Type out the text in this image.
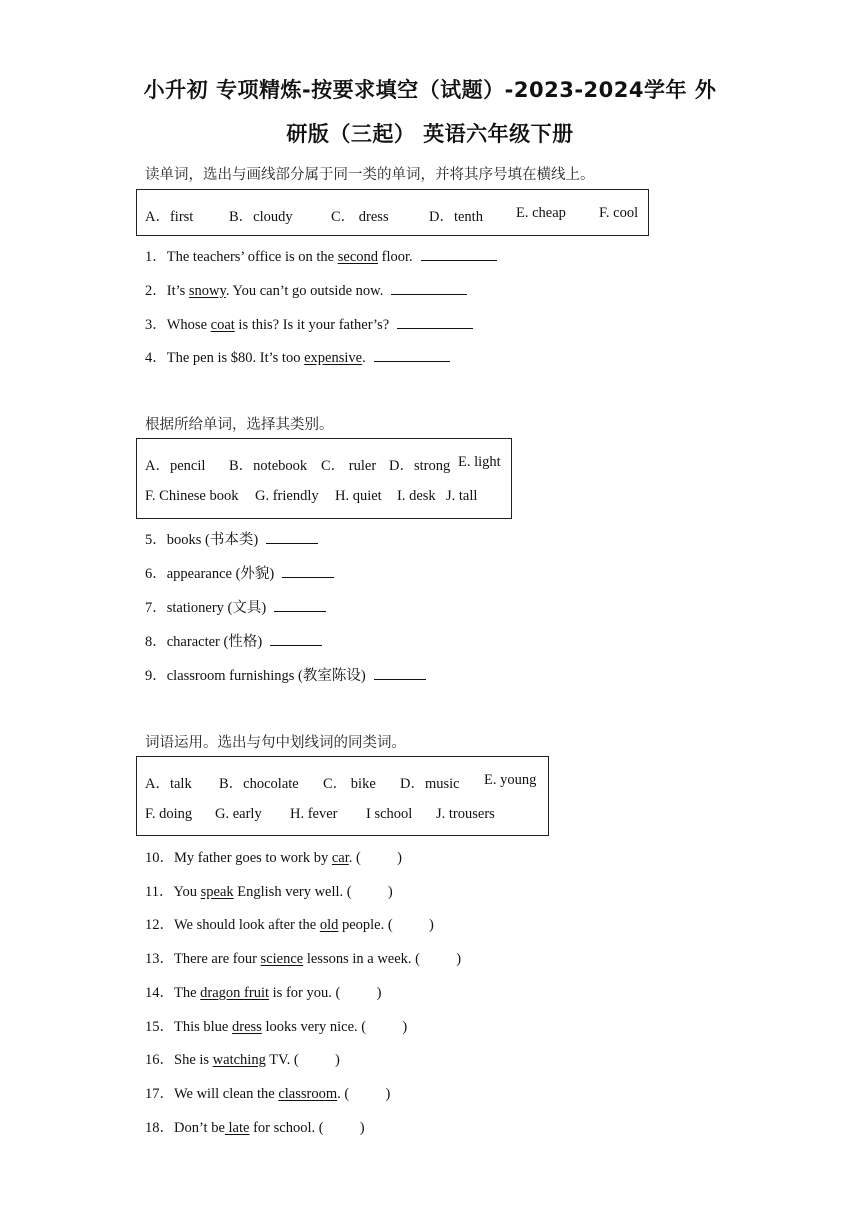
小升初 专项精炼-按要求填空（试题）-2023-2024学年 外
研版（三起） 英语六年级下册
读单词，选出与画线部分属于同一类的单词，并将其序号填在横线上。
A．first B．cloudy	C． dress	D．tenth E. cheap F. cool
1．The teachers’ office is on the second floor.
2．It’s snowy. You can’t go outside now.
3．Whose coat is this? Is it your father’s?
4．The pen is $80. It’s too expensive.
根据所给单词，选择其类别。
A．pencil B．notebook C． ruler D．strong E. light
F. Chinese book G. friendly H. quiet I. desk J. tall
5．books (书本类)
6．appearance (外貌)
7．stationery (文具)
8．character (性格)
9．classroom furnishings (教室陈设)
词语运用。选出与句中划线词的同类词。
A．talk B．chocolate C． bike D．music E. young
F. doing G. early H. fever I school J. trousers
10．My father goes to work by car. (          )
11．You speak English very well. (          )
12．We should look after the old people. (          )
13．There are four science lessons in a week. (          )
14．The dragon fruit is for you. (          )
15．This blue dress looks very nice. (          )
16．She is watching TV. (          )
17．We will clean the classroom. (          )
18．Don’t be late for school. (          )
